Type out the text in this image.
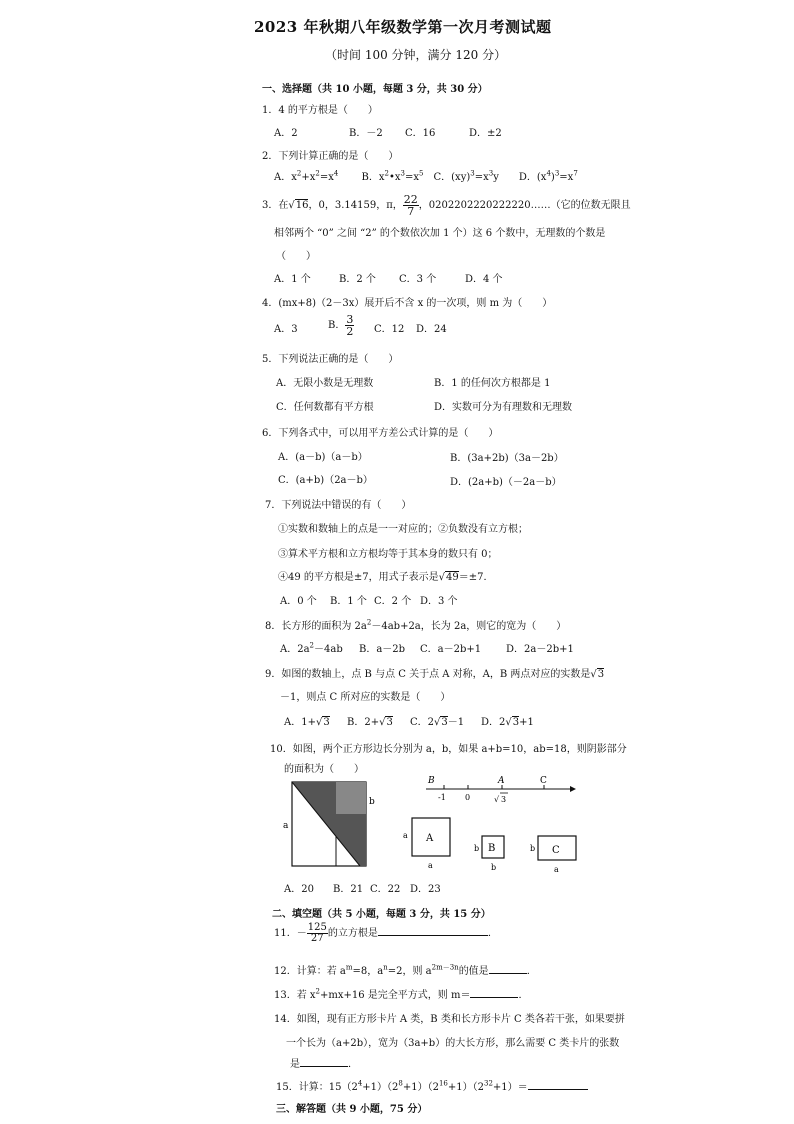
2023 年秋期八年级数学第一次月考测试题
（时间 100 分钟，满分 120 分）
一、选择题（共 10 小题，每题 3 分，共 30 分）
1．4 的平方根是（　　）
A．2	B．－2 C．16	D．±2
2．下列计算正确的是（　　）
A．$x^2+x^2=x^4$　　 B．$x^2•x^3=x^5$　C．$(xy)^3=x^3y$　　D．$(x^4)^3=x^7$
3．在√16，0，3.14159，π， $\frac{22}{7}$ ，0202202220222220……（它的位数无限且
相邻两个 “0” 之间 “2” 的个数依次加 1 个）这 6 个数中，无理数的个数是
（　　）
A．1 个	B．2 个 C．3 个	D．4 个
4．(mx+8)（2－3x）展开后不含 x 的一次项，则 m 为（　　）
A．3	B． $\frac{3}{2}$ C．12 D．24
5．下列说法正确的是（　　）
A．无限小数是无理数	B．1 的任何次方根都是 1
C．任何数都有平方根	D．实数可分为有理数和无理数
6．下列各式中，可以用平方差公式计算的是（　　）
A．(a－b)（a－b）	B．(3a+2b)（3a－2b）
C．(a+b)（2a－b）	D．(2a+b)（－2a－b）
7．下列说法中错误的有（　　）
①实数和数轴上的点是一一对应的；②负数没有立方根；
③算术平方根和立方根均等于其本身的数只有 0；
④49 的平方根是±7，用式子表示是√49＝±7．
A．0 个 B．1 个 C．2 个 D．3 个
8．长方形的面积为 $2a^2-4ab+2a$，长为 2a，则它的宽为（　　）
A．$2a^2-4ab$ B．a－2b C．a－2b+1 D．2a－2b+1
9．如图的数轴上，点 B 与点 C 关于点 A 对称，A，B 两点对应的实数是√3
－1，则点 C 所对应的实数是（　　）
A．1+√3 B．2+√3 C．2√3－1 D．2√3+1
10．如图，两个正方形边长分别为 a，b，如果 a+b=10，ab=18，则阴影部分
的面积为（　　）
a
b
B	A	C
-1 0	√ 3
A
a
a
B
b
b
C
b
a
A．20 B．21 C．22 D．23
二、填空题（共 5 小题，每题 3 分，共 15 分）
11．－ $\frac{125}{27}$ 的立方根是	．
12．计算：若 $a^m=8$，$a^n=2$，则 $a^{2m-3n}$的值是	．
13．若 $x^2+mx+16$ 是完全平方式，则 m＝	．
14．如图，现有正方形卡片 A 类，B 类和长方形卡片 C 类各若干张，如果要拼
一个长为（a+2b），宽为（3a+b）的大长方形，那么需要 C 类卡片的张数
是	．
15．计算：$15(2^4+1)(2^8+1)(2^{16}+1)(2^{32}+1)=$
三、解答题（共 9 小题，75 分）
